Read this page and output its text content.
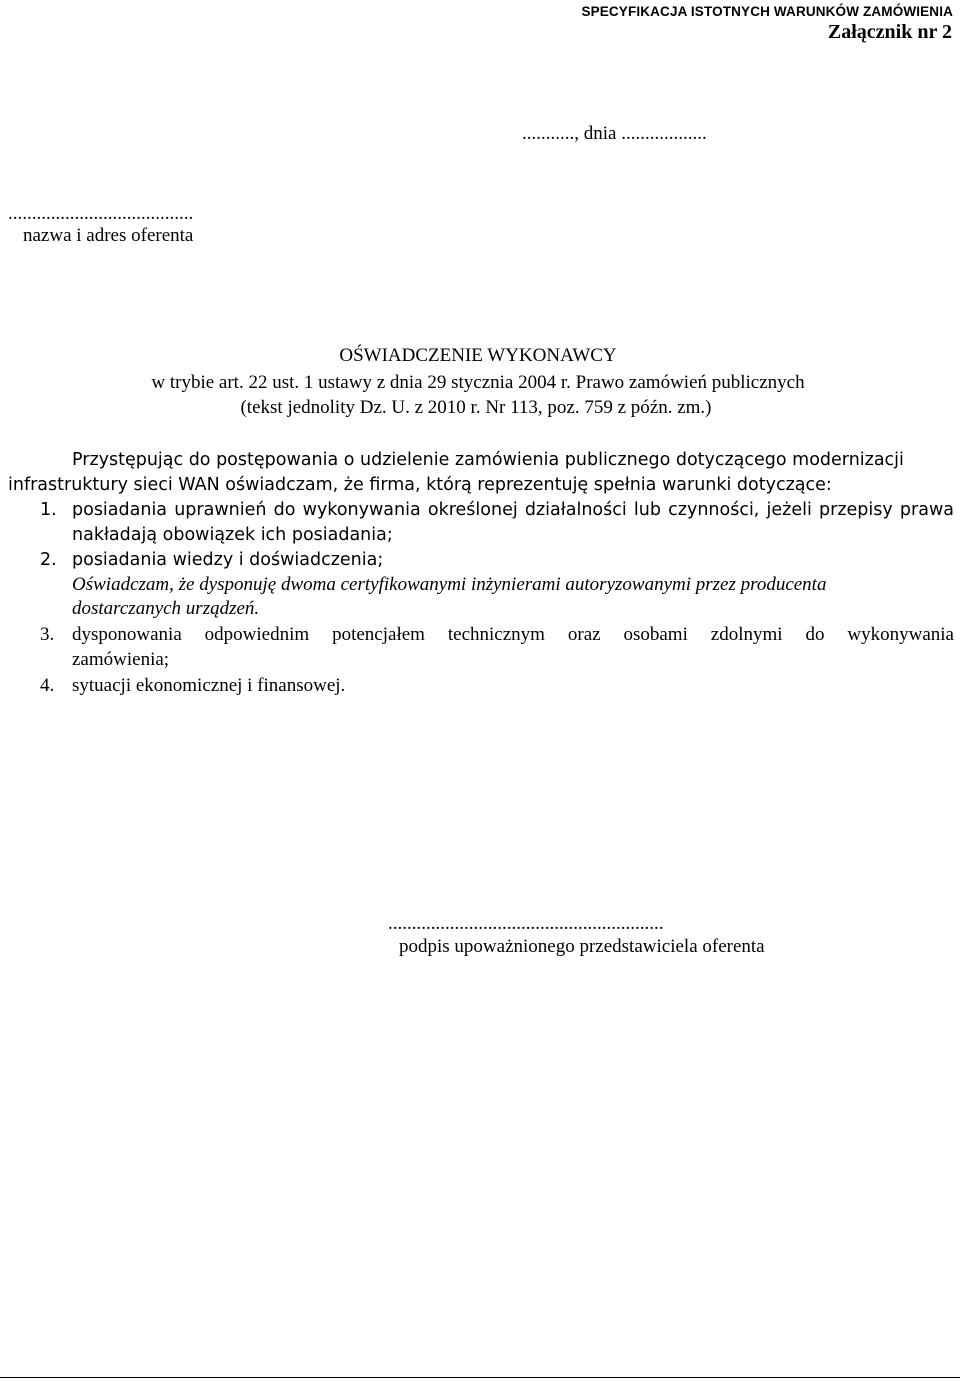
SPECYFIKACJA ISTOTNYCH WARUNKÓW ZAMÓWIENIA
Załącznik nr 2
..........., dnia ..................
.......................................
nazwa i adres oferenta
OŚWIADCZENIE WYKONAWCY
w trybie art. 22 ust. 1 ustawy z dnia 29 stycznia 2004 r. Prawo zamówień publicznych
(tekst jednolity Dz. U. z 2010 r. Nr 113, poz. 759 z późn. zm.)
Przystępując do postępowania o udzielenie zamówienia publicznego dotyczącego modernizacji
infrastruktury sieci WAN oświadczam, że firma, którą reprezentuję spełnia warunki dotyczące:
1. posiadania uprawnień do wykonywania określonej działalności lub czynności, jeżeli przepisy prawa
nakładają obowiązek ich posiadania;
2. posiadania wiedzy i doświadczenia;
Oświadczam, że dysponuję dwoma certyfikowanymi inżynierami autoryzowanymi przez producenta
dostarczanych urządzeń.
3. dysponowania odpowiednim potencjałem technicznym oraz osobami zdolnymi do wykonywania
zamówienia;
4. sytuacji ekonomicznej i finansowej.
..........................................................
podpis upoważnionego przedstawiciela oferenta
